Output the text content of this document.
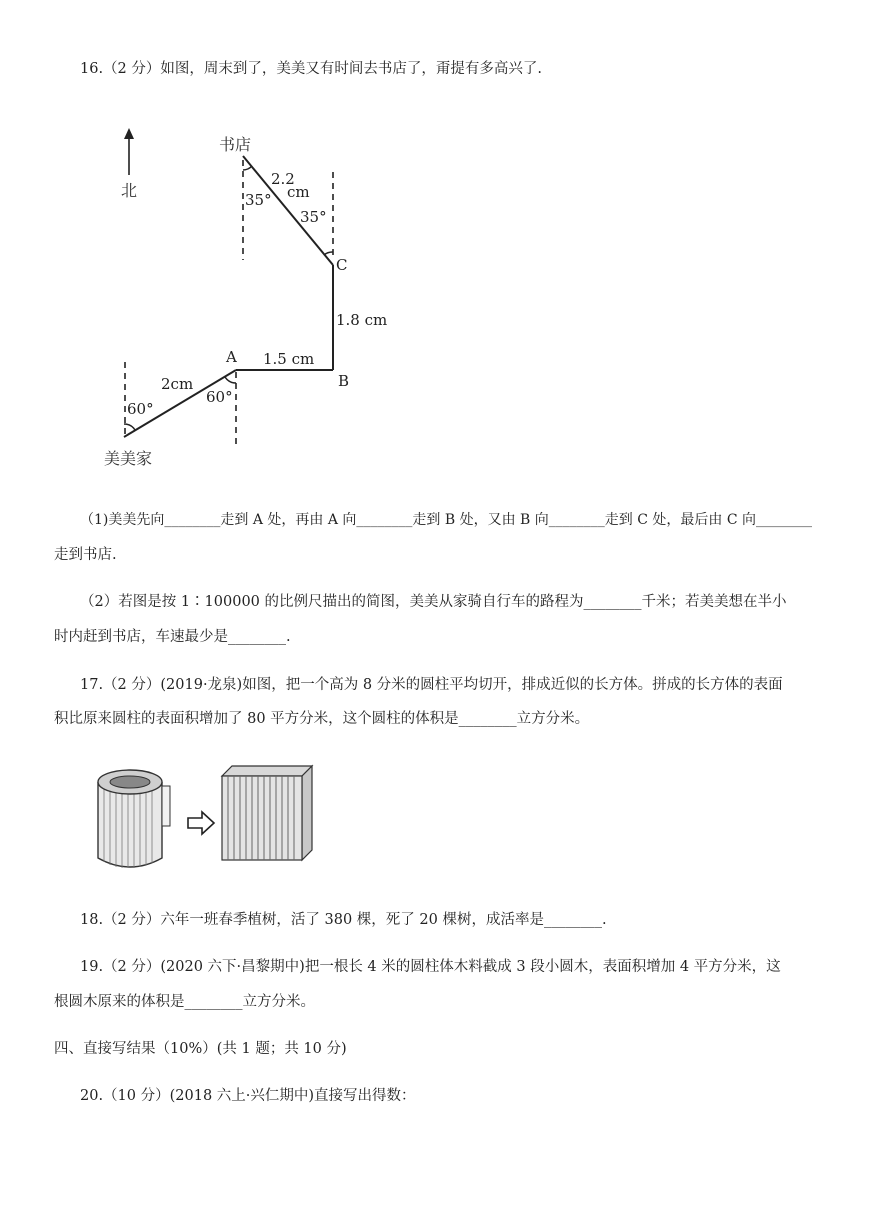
16.（2 分）如图，周末到了，美美又有时间去书店了，甭提有多高兴了.
北
书店
美美家
A
B
C
2cm
1.5 cm
1.8 cm
2.2
cm
60°
60°
35°
35°
（1)美美先向________走到 A 处，再由 A 向________走到 B 处，又由 B 向________走到 C 处，最后由 C 向________
走到书店.
（2）若图是按 1∶100000 的比例尺描出的简图，美美从家骑自行车的路程为________千米；若美美想在半小
时内赶到书店，车速最少是________.
17.（2 分）(2019·龙泉)如图，把一个高为 8 分米的圆柱平均切开，排成近似的长方体。拼成的长方体的表面
积比原来圆柱的表面积增加了 80 平方分米，这个圆柱的体积是________立方分米。
18.（2 分）六年一班春季植树，活了 380 棵，死了 20 棵树，成活率是________.
19.（2 分）(2020 六下·昌黎期中)把一根长 4 米的圆柱体木料截成 3 段小圆木，表面积增加 4 平方分米，这
根圆木原来的体积是________立方分米。
四、直接写结果（10%）(共 1 题；共 10 分)
20.（10 分）(2018 六上·兴仁期中)直接写出得数：
